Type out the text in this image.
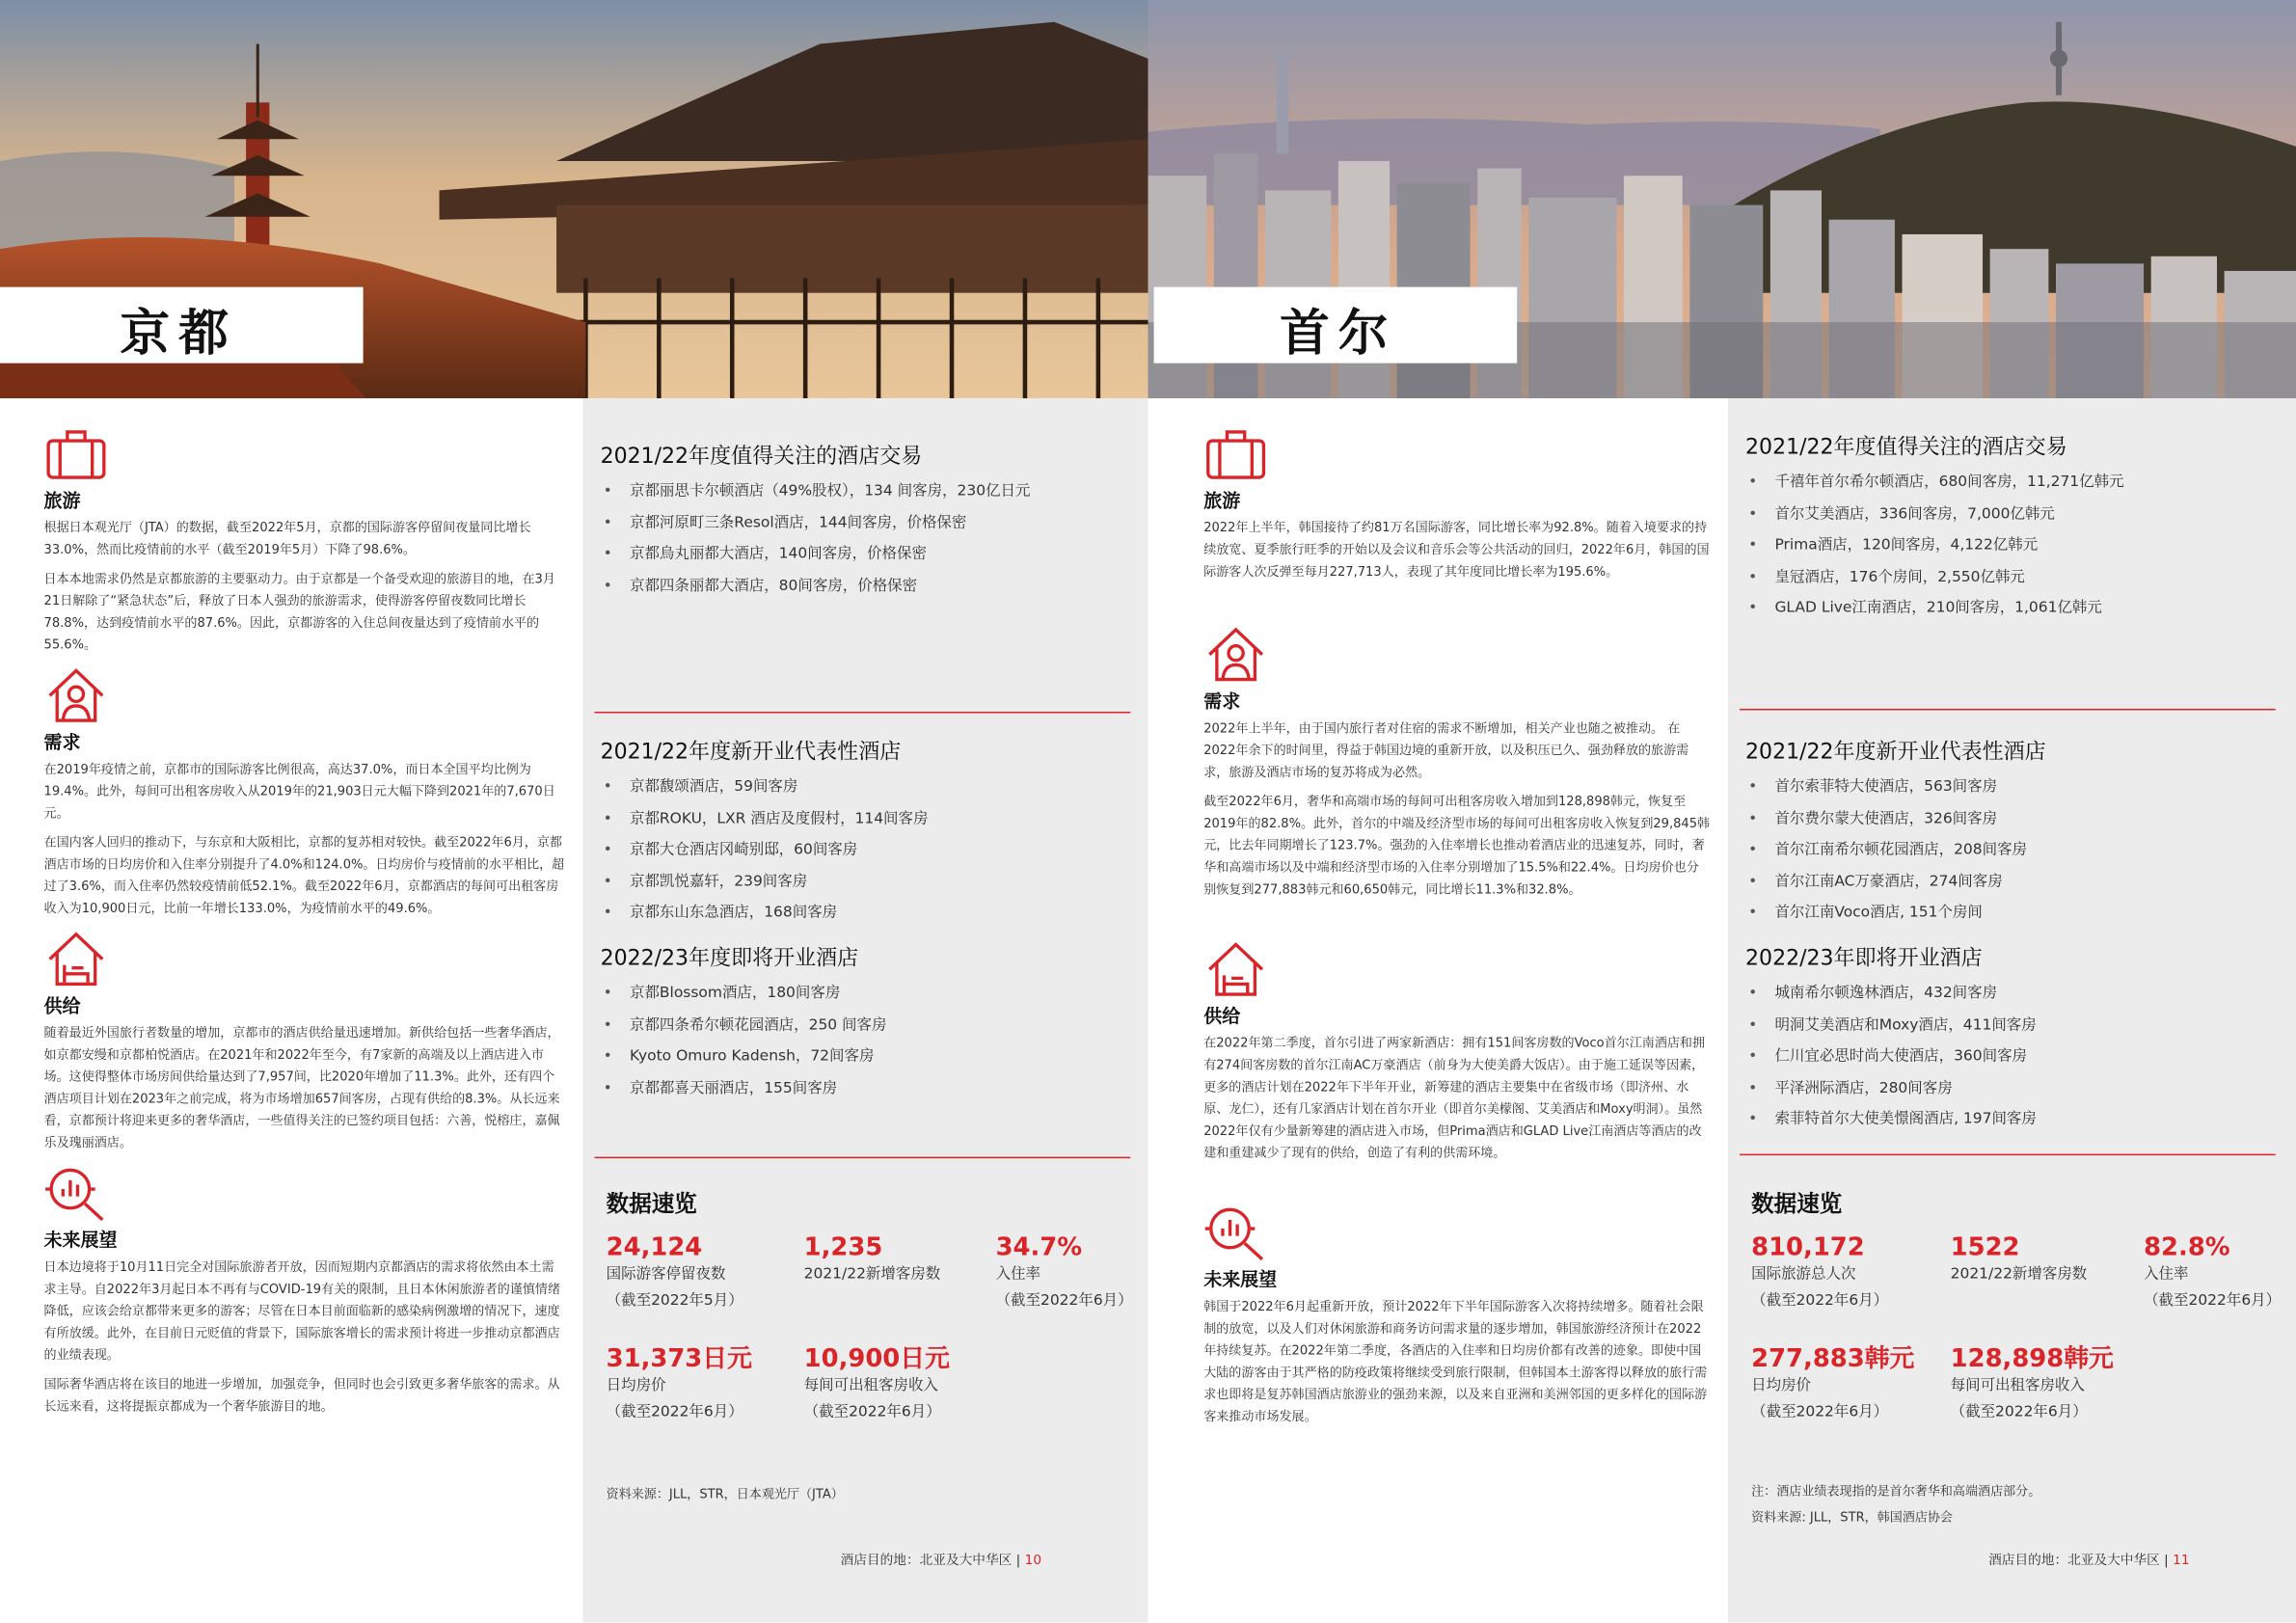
京都
旅游

根据日本观光厅（JTA）的数据，截至2022年5月，京都的国际游客停留间夜量同比增长33.0%，然而比疫情前的水平（截至2019年5月）下降了98.6%。

日本本地需求仍然是京都旅游的主要驱动力。由于京都是一个备受欢迎的旅游目的地，在3月21日解除了“紧急状态”后，释放了日本人强劲的旅游需求，使得游客停留夜数同比增长78.8%，达到疫情前水平的87.6%。因此，京都游客的入住总间夜量达到了疫情前水平的55.6%。

需求

在2019年疫情之前，京都市的国际游客比例很高，高达37.0%，而日本全国平均比例为19.4%。此外，每间可出租客房收入从2019年的21,903日元大幅下降到2021年的7,670日元。

在国内客人回归的推动下，与东京和大阪相比，京都的复苏相对较快。截至2022年6月，京都酒店市场的日均房价和入住率分别提升了4.0%和124.0%。日均房价与疫情前的水平相比，超过了3.6%，而入住率仍然较疫情前低52.1%。截至2022年6月，京都酒店的每间可出租客房收入为10,900日元，比前一年增长133.0%，为疫情前水平的49.6%。

供给

随着最近外国旅行者数量的增加，京都市的酒店供给量迅速增加。新供给包括一些奢华酒店，如京都安缦和京都柏悦酒店。在2021年和2022年至今，有7家新的高端及以上酒店进入市场。这使得整体市场房间供给量达到了7,957间，比2020年增加了11.3%。此外，还有四个酒店项目计划在2023年之前完成，将为市场增加657间客房，占现有供给的8.3%。从长远来看，京都预计将迎来更多的奢华酒店，一些值得关注的已签约项目包括：六善，悦榕庄，嘉佩乐及瑰丽酒店。

未来展望

日本边境将于10月11日完全对国际旅游者开放，因而短期内京都酒店的需求将依然由本土需求主导。自2022年3月起日本不再有与COVID-19有关的限制，且日本休闲旅游者的谨慎情绪降低，应该会给京都带来更多的游客；尽管在日本目前面临新的感染病例激增的情况下，速度有所放缓。此外，在目前日元贬值的背景下，国际旅客增长的需求预计将进一步推动京都酒店的业绩表现。

国际奢华酒店将在该目的地进一步增加，加强竞争，但同时也会引致更多奢华旅客的需求。从长远来看，这将提振京都成为一个奢华旅游目的地。

2021/22年度值得关注的酒店交易
• 京都丽思卡尔顿酒店（49%股权），134 间客房，230亿日元
• 京都河原町三条Resol酒店，144间客房，价格保密
• 京都烏丸丽都大酒店，140间客房，价格保密
• 京都四条丽都大酒店，80间客房，价格保密
2021/22年度新开业代表性酒店
• 京都馥颂酒店，59间客房
• 京都ROKU，LXR 酒店及度假村，114间客房
• 京都大仓酒店冈崎别邸，60间客房
• 京都凯悦嘉轩，239间客房
• 京都东山东急酒店，168间客房
2022/23年度即将开业酒店
• 京都Blossom酒店，180间客房
• 京都四条希尔顿花园酒店，250 间客房
• Kyoto Omuro Kadensh，72间客房
• 京都都喜天丽酒店，155间客房
数据速览
24,124
国际游客停留夜数
（截至2022年5月）
1,235
2021/22新增客房数
34.7%
入住率
（截至2022年6月）
31,373日元
日均房价
（截至2022年6月）
10,900日元
每间可出租客房收入
（截至2022年6月）
资料来源：JLL，STR，日本观光厅（JTA）
酒店目的地：北亚及大中华区 | 10
首尔
旅游

2022年上半年，韩国接待了约81万名国际游客，同比增长率为92.8%。随着入境要求的持续放宽、夏季旅行旺季的开始以及会议和音乐会等公共活动的回归，2022年6月，韩国的国际游客人次反弹至每月227,713人，表现了其年度同比增长率为195.6%。

需求

2022年上半年，由于国内旅行者对住宿的需求不断增加，相关产业也随之被推动。 在2022年余下的时间里，得益于韩国边境的重新开放，以及积压已久、强劲释放的旅游需求，旅游及酒店市场的复苏将成为必然。

截至2022年6月，奢华和高端市场的每间可出租客房收入增加到128,898韩元，恢复至2019年的82.8%。此外，首尔的中端及经济型市场的每间可出租客房收入恢复到29,845韩元，比去年同期增长了123.7%。强劲的入住率增长也推动着酒店业的迅速复苏，同时，奢华和高端市场以及中端和经济型市场的入住率分别增加了15.5%和22.4%。日均房价也分别恢复到277,883韩元和60,650韩元，同比增长11.3%和32.8%。

供给

在2022年第二季度，首尔引进了两家新酒店：拥有151间客房数的Voco首尔江南酒店和拥有274间客房数的首尔江南AC万豪酒店（前身为大使美爵大饭店）。由于施工延误等因素，更多的酒店计划在2022年下半年开业，新筹建的酒店主要集中在省级市场（即济州、水原、龙仁），还有几家酒店计划在首尔开业（即首尔美檬阁、艾美酒店和Moxy明洞）。虽然2022年仅有少量新筹建的酒店进入市场，但Prima酒店和GLAD Live江南酒店等酒店的改建和重建减少了现有的供给，创造了有利的供需环境。

未来展望

韩国于2022年6月起重新开放，预计2022年下半年国际游客入次将持续增多。随着社会限制的放宽，以及人们对休闲旅游和商务访问需求量的逐步增加，韩国旅游经济预计在2022年持续复苏。在2022年第二季度，各酒店的入住率和日均房价都有改善的迹象。即使中国大陆的游客由于其严格的防疫政策将继续受到旅行限制，但韩国本土游客得以释放的旅行需求也即将是复苏韩国酒店旅游业的强劲来源，以及来自亚洲和美洲邻国的更多样化的国际游客来推动市场发展。

2021/22年度值得关注的酒店交易
• 千禧年首尔希尔顿酒店，680间客房，11,271亿韩元
• 首尔艾美酒店，336间客房，7,000亿韩元
• Prima酒店，120间客房，4,122亿韩元
• 皇冠酒店，176个房间，2,550亿韩元
• GLAD Live江南酒店，210间客房，1,061亿韩元
2021/22年度新开业代表性酒店
• 首尔索菲特大使酒店，563间客房
• 首尔费尔蒙大使酒店，326间客房
• 首尔江南希尔顿花园酒店，208间客房
• 首尔江南AC万豪酒店，274间客房
• 首尔江南Voco酒店, 151个房间
2022/23年即将开业酒店
• 城南希尔顿逸林酒店，432间客房
• 明洞艾美酒店和Moxy酒店，411间客房
• 仁川宜必思时尚大使酒店，360间客房
• 平泽洲际酒店，280间客房
• 索菲特首尔大使美憬阁酒店, 197间客房
数据速览
810,172
国际旅游总人次
（截至2022年6月）
1522
2021/22新增客房数
82.8%
入住率
（截至2022年6月）
277,883韩元
日均房价
（截至2022年6月）
128,898韩元
每间可出租客房收入
（截至2022年6月）
注：酒店业绩表现指的是首尔奢华和高端酒店部分。
资料来源: JLL，STR，韩国酒店协会
酒店目的地：北亚及大中华区 | 11
